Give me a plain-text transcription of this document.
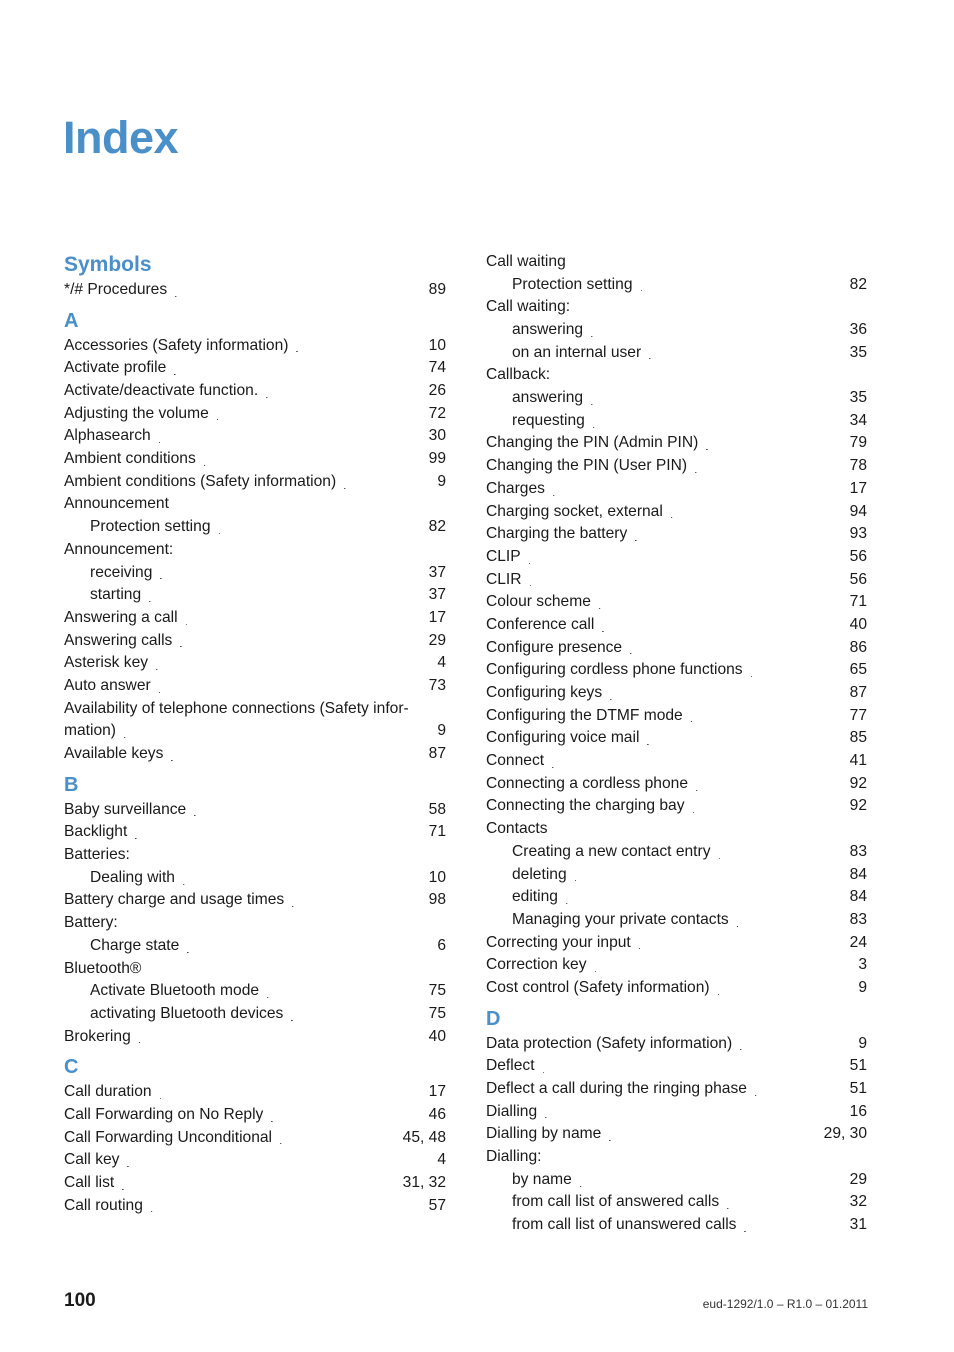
Index
Symbols
*/# Procedures . . .	89
A
Accessories (Safety information) . . .	10
Activate profile . . .	74
Activate/deactivate function. . . .	26
Adjusting the volume . . .	72
Alphasearch . . .	30
Ambient conditions . . .	99
Ambient conditions (Safety information) . . .	9
Announcement
Protection setting . . .	82
Announcement:
receiving . . .	37
starting . . .	37
Answering a call . . .	17
Answering calls . . .	29
Asterisk key . . .	4
Auto answer . . .	73
Availability of telephone connections (Safety infor-
mation) . . .	9
Available keys . . .	87
B
Baby surveillance . . .	58
Backlight . . .	71
Batteries:
Dealing with . . .	10
Battery charge and usage times . . .	98
Battery:
Charge state . . .	6
Bluetooth®
Activate Bluetooth mode . . .	75
activating Bluetooth devices . . .	75
Brokering . . .	40
C
Call duration . . .	17
Call Forwarding on No Reply . . .	46
Call Forwarding Unconditional . . .	45, 48
Call key . . .	4
Call list . . .	31, 32
Call routing . . .	57
Call waiting
Protection setting . . .	82
Call waiting:
answering . . .	36
on an internal user . . .	35
Callback:
answering . . .	35
requesting . . .	34
Changing the PIN (Admin PIN) . . .	79
Changing the PIN (User PIN) . . .	78
Charges . . .	17
Charging socket, external . . .	94
Charging the battery . . .	93
CLIP . . .	56
CLIR . . .	56
Colour scheme . . .	71
Conference call . . .	40
Configure presence . . .	86
Configuring cordless phone functions . . .	65
Configuring keys . . .	87
Configuring the DTMF mode . . .	77
Configuring voice mail . . .	85
Connect . . .	41
Connecting a cordless phone . . .	92
Connecting the charging bay . . .	92
Contacts
Creating a new contact entry . . .	83
deleting . . .	84
editing . . .	84
Managing your private contacts . . .	83
Correcting your input . . .	24
Correction key . . .	3
Cost control (Safety information) . . .	9
D
Data protection (Safety information) . . .	9
Deflect . . .	51
Deflect a call during the ringing phase . . .	51
Dialling . . .	16
Dialling by name . . .	29, 30
Dialling:
by name . . .	29
from call list of answered calls . . .	32
from call list of unanswered calls . . .	31
100	eud-1292/1.0 – R1.0 – 01.2011
